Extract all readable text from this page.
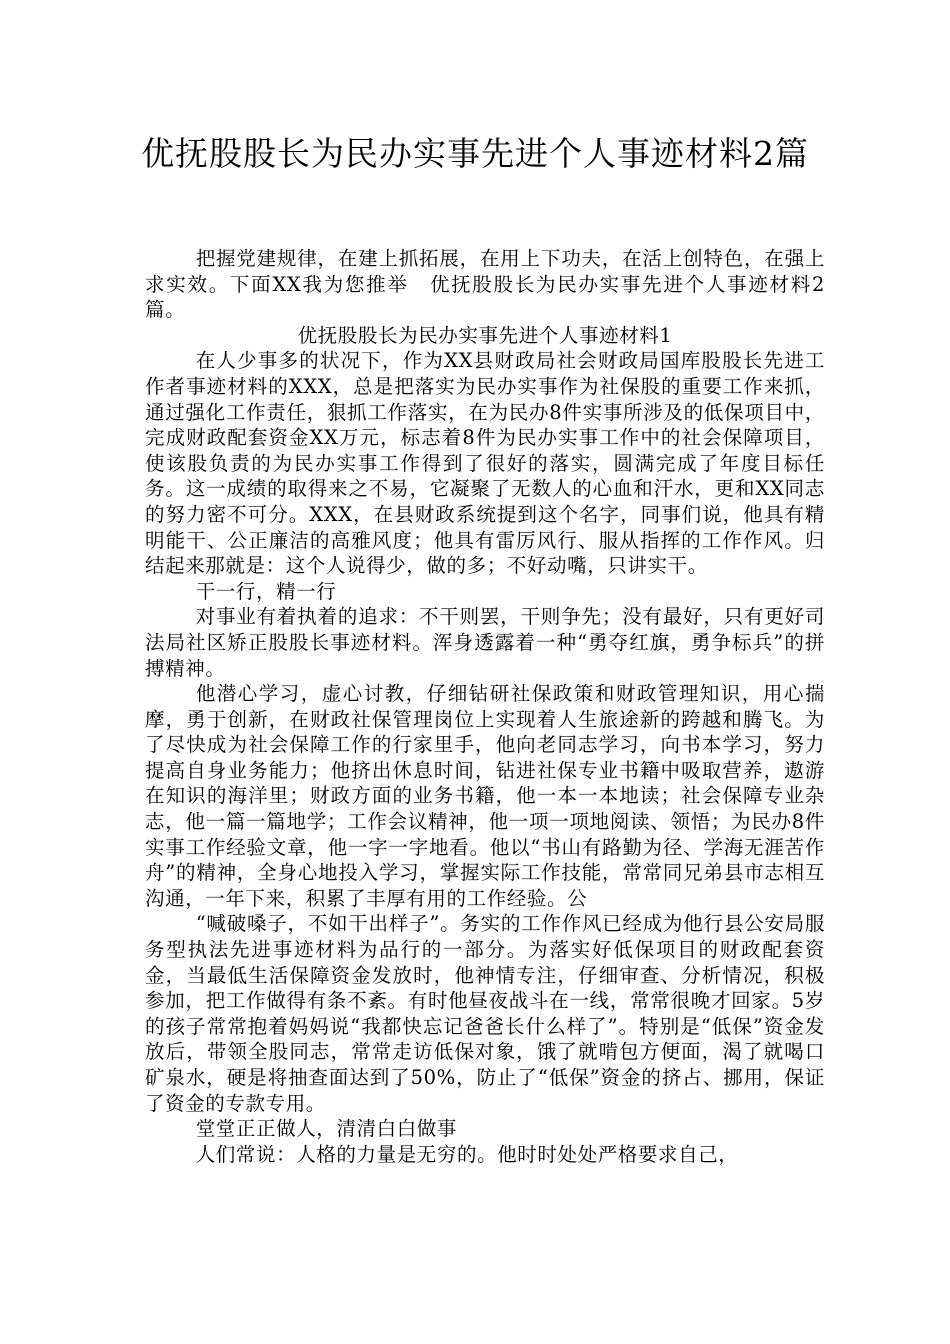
优抚股股长为民办实事先进个人事迹材料2篇

把握党建规律，在建上抓拓展，在用上下功夫，在活上创特色，在强上求实效。下面XX我为您推举　优抚股股长为民办实事先进个人事迹材料2篇。

优抚股股长为民办实事先进个人事迹材料1

在人少事多的状况下，作为XX县财政局社会财政局国库股股长先进工作者事迹材料的XXX，总是把落实为民办实事作为社保股的重要工作来抓，通过强化工作责任，狠抓工作落实，在为民办8件实事所涉及的低保项目中，完成财政配套资金XX万元，标志着8件为民办实事工作中的社会保障项目，使该股负责的为民办实事工作得到了很好的落实，圆满完成了年度目标任务。这一成绩的取得来之不易，它凝聚了无数人的心血和汗水，更和XX同志的努力密不可分。XXX，在县财政系统提到这个名字，同事们说，他具有精明能干、公正廉洁的高雅风度；他具有雷厉风行、服从指挥的工作作风。归结起来那就是：这个人说得少，做的多；不好动嘴，只讲实干。

干一行，精一行

对事业有着执着的追求：不干则罢，干则争先；没有最好，只有更好司法局社区矫正股股长事迹材料。浑身透露着一种“勇夺红旗，勇争标兵”的拼搏精神。

他潜心学习，虚心讨教，仔细钻研社保政策和财政管理知识，用心揣摩，勇于创新，在财政社保管理岗位上实现着人生旅途新的跨越和腾飞。为了尽快成为社会保障工作的行家里手，他向老同志学习，向书本学习，努力提高自身业务能力；他挤出休息时间，钻进社保专业书籍中吸取营养，遨游在知识的海洋里；财政方面的业务书籍，他一本一本地读；社会保障专业杂志，他一篇一篇地学；工作会议精神，他一项一项地阅读、领悟；为民办8件实事工作经验文章，他一字一字地看。他以“书山有路勤为径、学海无涯苦作舟”的精神，全身心地投入学习，掌握实际工作技能，常常同兄弟县市志相互沟通，一年下来，积累了丰厚有用的工作经验。公

“喊破嗓子，不如干出样子”。务实的工作作风已经成为他行县公安局服务型执法先进事迹材料为品行的一部分。为落实好低保项目的财政配套资金，当最低生活保障资金发放时，他神情专注，仔细审查、分析情况，积极参加，把工作做得有条不紊。有时他昼夜战斗在一线，常常很晚才回家。5岁的孩子常常抱着妈妈说“我都快忘记爸爸长什么样了”。特别是“低保”资金发放后，带领全股同志，常常走访低保对象，饿了就啃包方便面，渴了就喝口矿泉水，硬是将抽查面达到了50%，防止了“低保”资金的挤占、挪用，保证了资金的专款专用。

堂堂正正做人，清清白白做事

人们常说：人格的力量是无穷的。他时时处处严格要求自己，
